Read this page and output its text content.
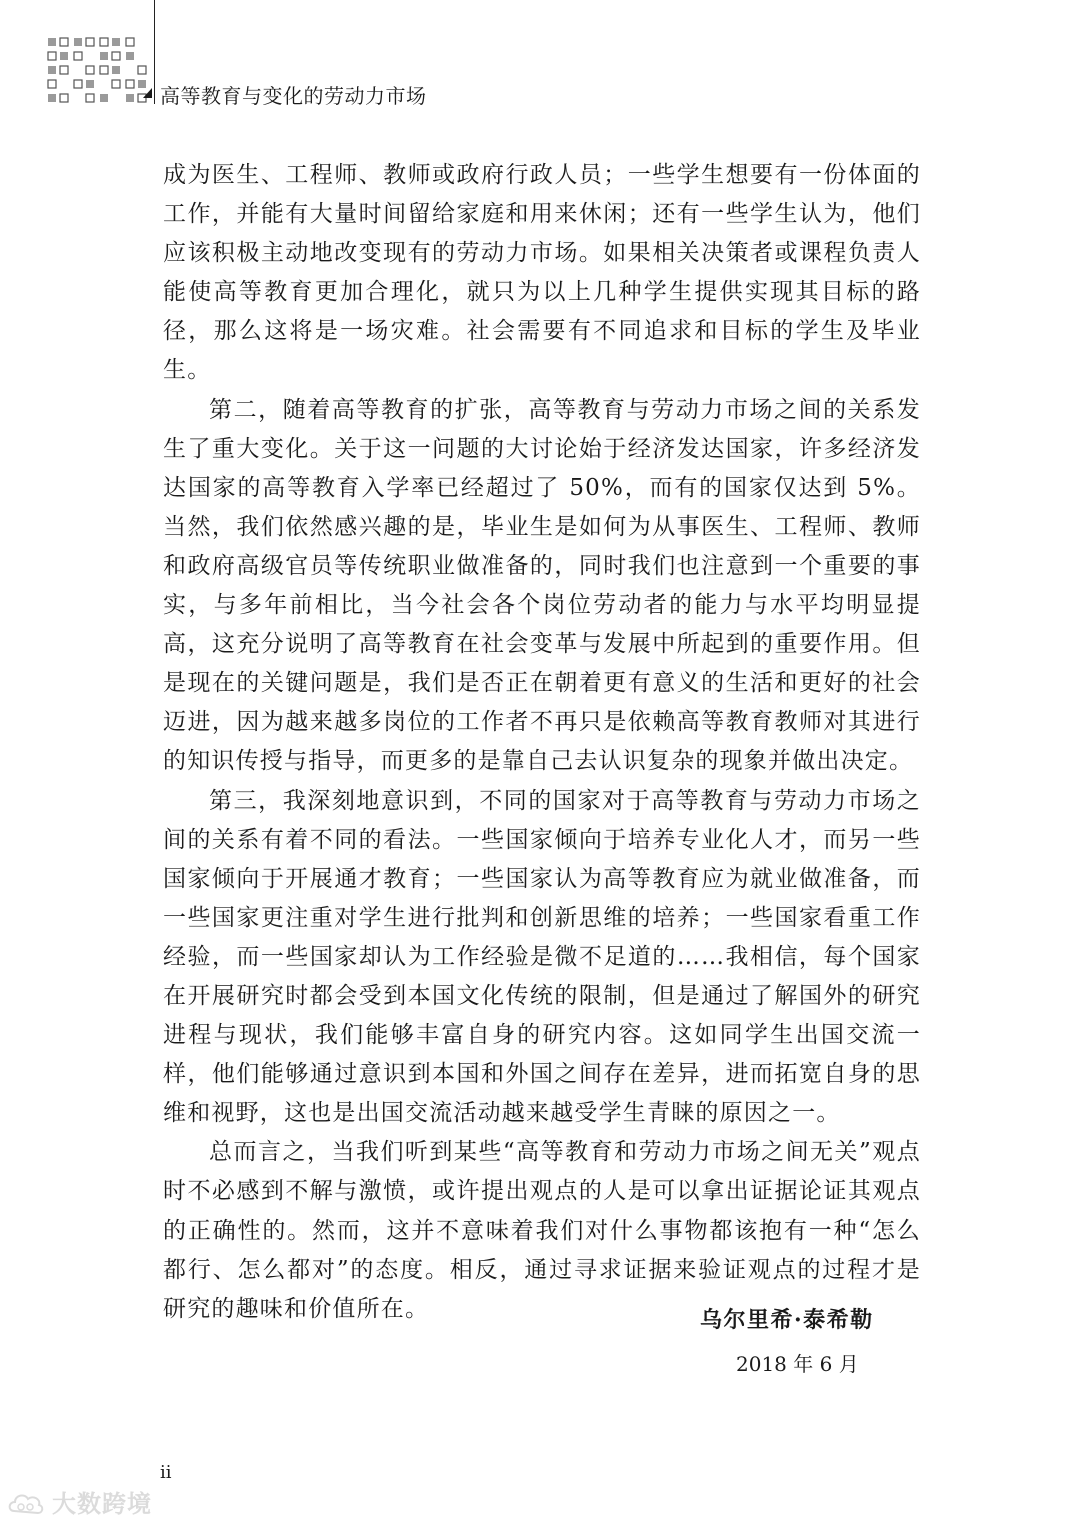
高等教育与变化的劳动力市场

成为医生、工程师、教师或政府行政人员；一些学生想要有一份体面的工作，并能有大量时间留给家庭和用来休闲；还有一些学生认为，他们应该积极主动地改变现有的劳动力市场。如果相关决策者或课程负责人能使高等教育更加合理化，就只为以上几种学生提供实现其目标的路径，那么这将是一场灾难。社会需要有不同追求和目标的学生及毕业生。

第二，随着高等教育的扩张，高等教育与劳动力市场之间的关系发生了重大变化。关于这一问题的大讨论始于经济发达国家，许多经济发达国家的高等教育入学率已经超过了 50%，而有的国家仅达到 5%。当然，我们依然感兴趣的是，毕业生是如何为从事医生、工程师、教师和政府高级官员等传统职业做准备的，同时我们也注意到一个重要的事实，与多年前相比，当今社会各个岗位劳动者的能力与水平均明显提高，这充分说明了高等教育在社会变革与发展中所起到的重要作用。但是现在的关键问题是，我们是否正在朝着更有意义的生活和更好的社会迈进，因为越来越多岗位的工作者不再只是依赖高等教育教师对其进行的知识传授与指导，而更多的是靠自己去认识复杂的现象并做出决定。

第三，我深刻地意识到，不同的国家对于高等教育与劳动力市场之间的关系有着不同的看法。一些国家倾向于培养专业化人才，而另一些国家倾向于开展通才教育；一些国家认为高等教育应为就业做准备，而一些国家更注重对学生进行批判和创新思维的培养；一些国家看重工作经验，而一些国家却认为工作经验是微不足道的……我相信，每个国家在开展研究时都会受到本国文化传统的限制，但是通过了解国外的研究进程与现状，我们能够丰富自身的研究内容。这如同学生出国交流一样，他们能够通过意识到本国和外国之间存在差异，进而拓宽自身的思维和视野，这也是出国交流活动越来越受学生青睐的原因之一。

总而言之，当我们听到某些“高等教育和劳动力市场之间无关”观点时不必感到不解与激愤，或许提出观点的人是可以拿出证据论证其观点的正确性的。然而，这并不意味着我们对什么事物都该抱有一种“怎么都行、怎么都对”的态度。相反，通过寻求证据来验证观点的过程才是研究的趣味和价值所在。	乌尔里希·泰希勒
2018 年 6 月
ii
大数跨境
